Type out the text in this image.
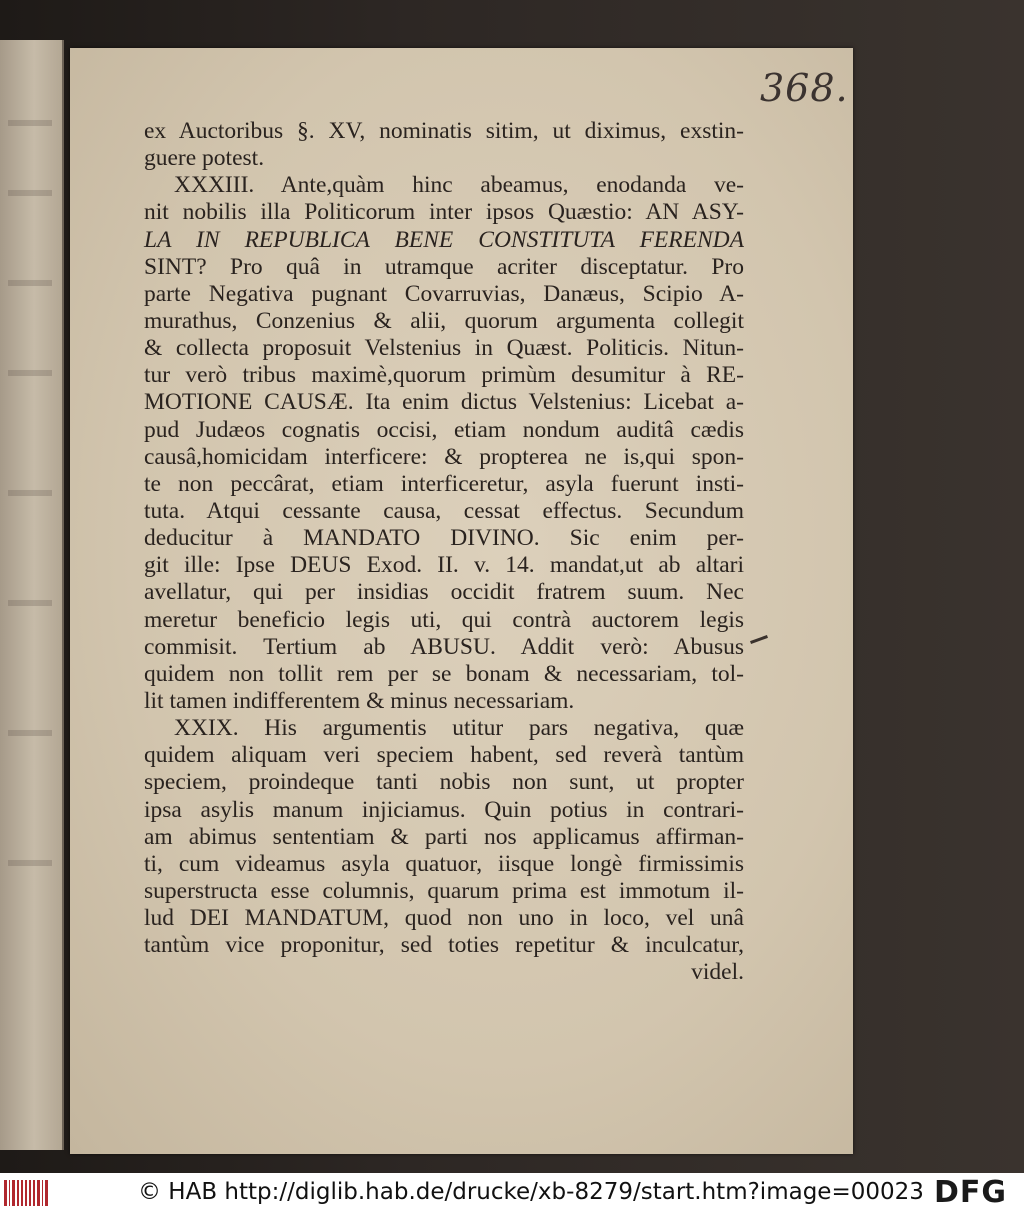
368.
ex Auctoribus §. XV, nominatis sitim, ut diximus, exstin-
guere potest.
XXXIII. Ante,quàm hinc abeamus, enodanda ve-
nit nobilis illa Politicorum inter ipsos Quæstio: AN ASY-
LA IN REPUBLICA BENE CONSTITUTA FERENDA
SINT? Pro quâ in utramque acriter disceptatur. Pro
parte Negativa pugnant Covarruvias, Danæus, Scipio A-
murathus, Conzenius & alii, quorum argumenta collegit
& collecta proposuit Velstenius in Quæst. Politicis. Nitun-
tur verò tribus maximè,quorum primùm desumitur à RE-
MOTIONE CAUSÆ. Ita enim dictus Velstenius: Licebat a-
pud Judæos cognatis occisi, etiam nondum auditâ cædis
causâ,homicidam interficere: & propterea ne is,qui spon-
te non peccârat, etiam interficeretur, asyla fuerunt insti-
tuta. Atqui cessante causa, cessat effectus. Secundum
deducitur à MANDATO DIVINO. Sic enim per-
git ille: Ipse DEUS Exod. II. v. 14. mandat,ut ab altari
avellatur, qui per insidias occidit fratrem suum. Nec
meretur beneficio legis uti, qui contrà auctorem legis
commisit. Tertium ab ABUSU. Addit verò: Abusus
quidem non tollit rem per se bonam & necessariam, tol-
lit tamen indifferentem & minus necessariam.
XXIX. His argumentis utitur pars negativa, quæ
quidem aliquam veri speciem habent, sed reverà tantùm
speciem, proindeque tanti nobis non sunt, ut propter
ipsa asylis manum injiciamus. Quin potius in contrari-
am abimus sententiam & parti nos applicamus affirman-
ti, cum videamus asyla quatuor, iisque longè firmissimis
superstructa esse columnis, quarum prima est immotum il-
lud DEI MANDATUM, quod non uno in loco, vel unâ
tantùm vice proponitur, sed toties repetitur & inculcatur,
videl.
© HAB http://diglib.hab.de/drucke/xb-8279/start.htm?image=00023 DFG
